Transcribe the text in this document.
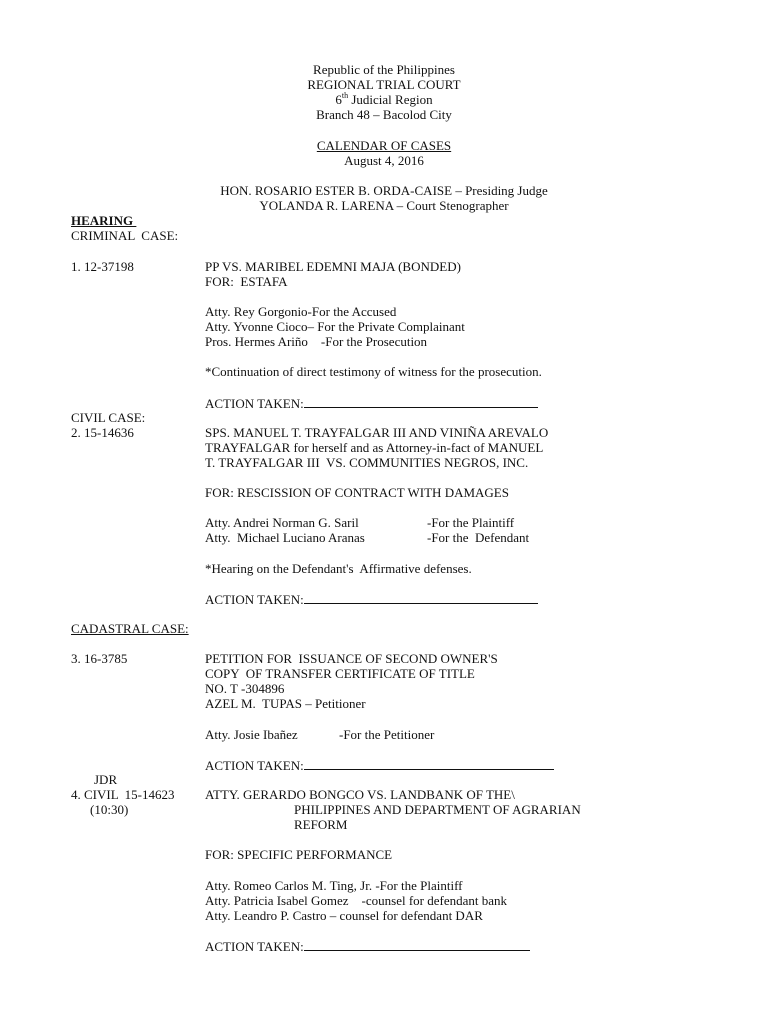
Republic of the Philippines
REGIONAL TRIAL COURT
6th Judicial Region
Branch 48 – Bacolod City
CALENDAR OF CASES
August 4, 2016
HON. ROSARIO ESTER B. ORDA-CAISE – Presiding Judge
YOLANDA R. LARENA – Court Stenographer
HEARING
CRIMINAL  CASE:
1. 12-37198	PP VS. MARIBEL EDEMNI MAJA (BONDED)
FOR:  ESTAFA
Atty. Rey Gorgonio-For the Accused
Atty. Yvonne Cioco– For the Private Complainant
Pros. Hermes Ariño    -For the Prosecution
*Continuation of direct testimony of witness for the prosecution.
ACTION TAKEN:
CIVIL CASE:
2. 15-14636	SPS. MANUEL T. TRAYFALGAR III AND VINIÑA AREVALO
TRAYFALGAR for herself and as Attorney-in-fact of MANUEL
T. TRAYFALGAR III  VS. COMMUNITIES NEGROS, INC.
FOR: RESCISSION OF CONTRACT WITH DAMAGES
Atty. Andrei Norman G. Saril	-For the Plaintiff
Atty.  Michael Luciano Aranas	-For the  Defendant
*Hearing on the Defendant's  Affirmative defenses.
ACTION TAKEN:
CADASTRAL CASE:
3. 16-3785	PETITION FOR  ISSUANCE OF SECOND OWNER'S
COPY  OF TRANSFER CERTIFICATE OF TITLE
NO. T -304896
AZEL M.  TUPAS – Petitioner
Atty. Josie Ibañez	-For the Petitioner
ACTION TAKEN:
JDR
4. CIVIL  15-14623 ATTY. GERARDO BONGCO VS. LANDBANK OF THE\
(10:30)	PHILIPPINES AND DEPARTMENT OF AGRARIAN
REFORM
FOR: SPECIFIC PERFORMANCE
Atty. Romeo Carlos M. Ting, Jr. -For the Plaintiff
Atty. Patricia Isabel Gomez    -counsel for defendant bank
Atty. Leandro P. Castro – counsel for defendant DAR
ACTION TAKEN:
